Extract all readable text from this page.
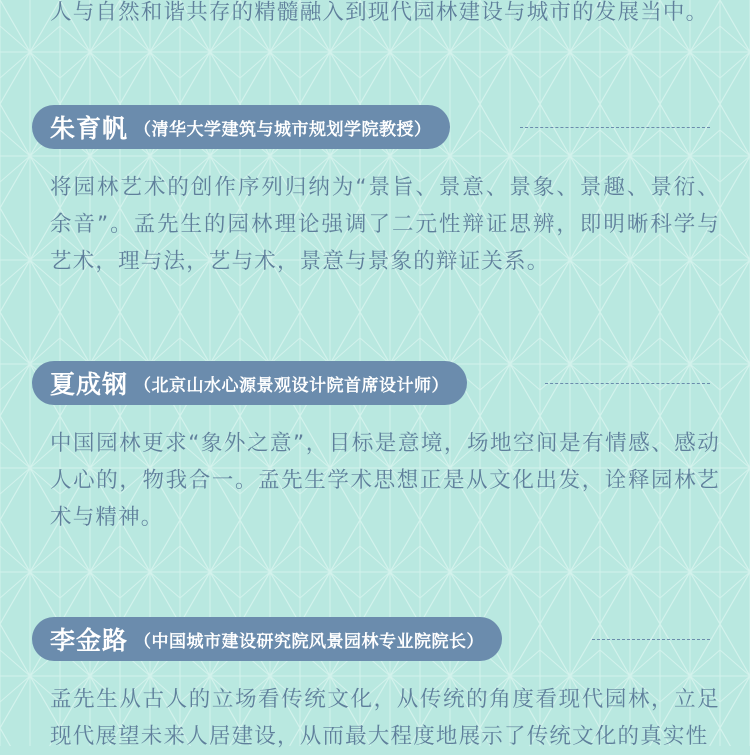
人与自然和谐共存的精髓融入到现代园林建设与城市的发展当中。

朱育帆 （清华大学建筑与城市规划学院教授）

将园林艺术的创作序列归纳为“景旨、景意、景象、景趣、景衍、余音”。孟先生的园林理论强调了二元性辩证思辨，即明晰科学与艺术，理与法，艺与术，景意与景象的辩证关系。

夏成钢 （北京山水心源景观设计院首席设计师）

中国园林更求“象外之意”，目标是意境，场地空间是有情感、感动人心的，物我合一。孟先生学术思想正是从文化出发，诠释园林艺术与精神。

李金路 （中国城市建设研究院风景园林专业院院长）

孟先生从古人的立场看传统文化，从传统的角度看现代园林，立足现代展望未来人居建设，从而最大程度地展示了传统文化的真实性
